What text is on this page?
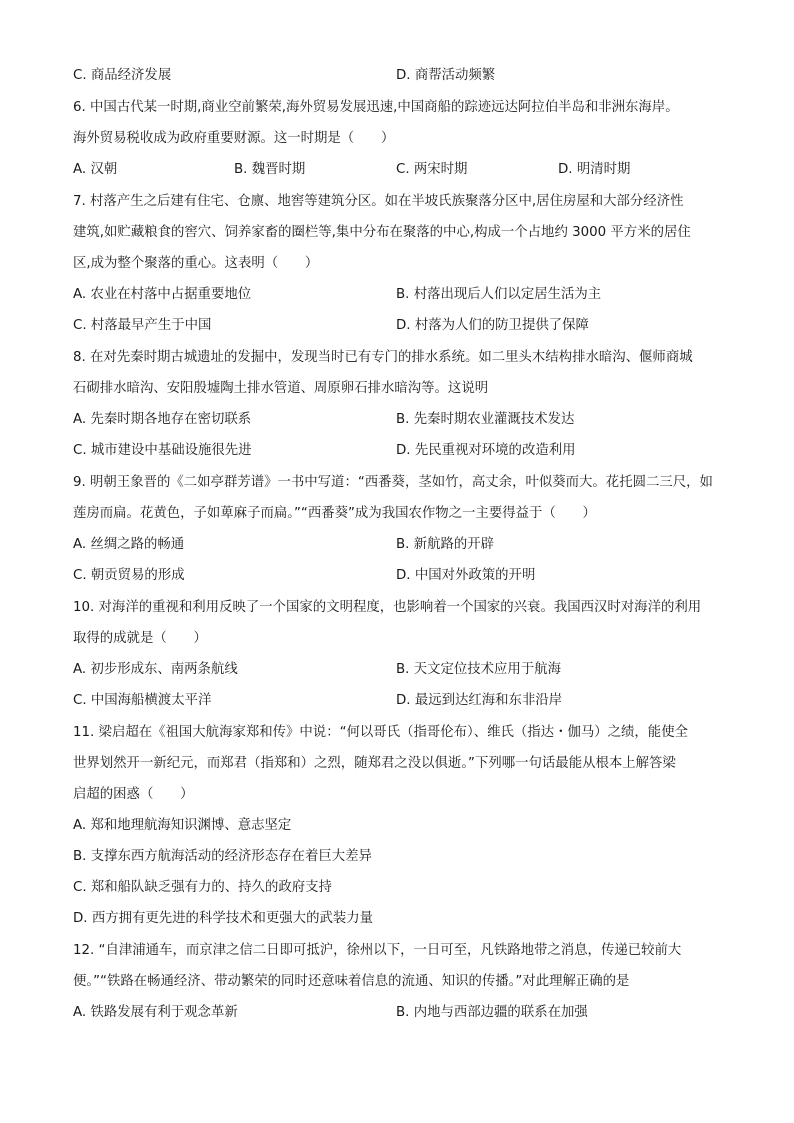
C. 商品经济发展	D. 商帮活动频繁
6. 中国古代某一时期,商业空前繁荣,海外贸易发展迅速,中国商船的踪迹远达阿拉伯半岛和非洲东海岸。
海外贸易税收成为政府重要财源。这一时期是（　　）
A. 汉朝	B. 魏晋时期	C. 两宋时期	D. 明清时期
7. 村落产生之后建有住宅、仓廪、地窖等建筑分区。如在半坡氏族聚落分区中,居住房屋和大部分经济性
建筑,如贮藏粮食的窖穴、饲养家畜的圈栏等,集中分布在聚落的中心,构成一个占地约 3000 平方米的居住
区,成为整个聚落的重心。这表明（　　）
A. 农业在村落中占据重要地位	B. 村落出现后人们以定居生活为主
C. 村落最早产生于中国	D. 村落为人们的防卫提供了保障
8. 在对先秦时期古城遗址的发掘中，发现当时已有专门的排水系统。如二里头木结构排水暗沟、偃师商城
石砌排水暗沟、安阳殷墟陶土排水管道、周原卵石排水暗沟等。这说明
A. 先秦时期各地存在密切联系	B. 先秦时期农业灌溉技术发达
C. 城市建设中基础设施很先进	D. 先民重视对环境的改造利用
9. 明朝王象晋的《二如亭群芳谱》一书中写道：“西番葵，茎如竹，高丈余，叶似葵而大。花托圆二三尺，如
莲房而扁。花黄色，子如萆麻子而扁。”“西番葵”成为我国农作物之一主要得益于（　　）
A. 丝绸之路的畅通	B. 新航路的开辟
C. 朝贡贸易的形成	D. 中国对外政策的开明
10. 对海洋的重视和利用反映了一个国家的文明程度，也影响着一个国家的兴衰。我国西汉时对海洋的利用
取得的成就是（　　）
A. 初步形成东、南两条航线	B. 天文定位技术应用于航海
C. 中国海船横渡太平洋	D. 最远到达红海和东非沿岸
11. 梁启超在《祖国大航海家郑和传》中说：“何以哥氏（指哥伦布）、维氏（指达・伽马）之绩，能使全
世界划然开一新纪元，而郑君（指郑和）之烈，随郑君之没以俱逝。”下列哪一句话最能从根本上解答梁
启超的困惑（　　）
A. 郑和地理航海知识渊博、意志坚定
B. 支撑东西方航海活动的经济形态存在着巨大差异
C. 郑和船队缺乏强有力的、持久的政府支持
D. 西方拥有更先进的科学技术和更强大的武装力量
12. “自津浦通车，而京津之信二日即可抵沪，徐州以下，一日可至，凡铁路地带之消息，传递已较前大
便。”“铁路在畅通经济、带动繁荣的同时还意味着信息的流通、知识的传播。”对此理解正确的是
A. 铁路发展有利于观念革新	B. 内地与西部边疆的联系在加强
